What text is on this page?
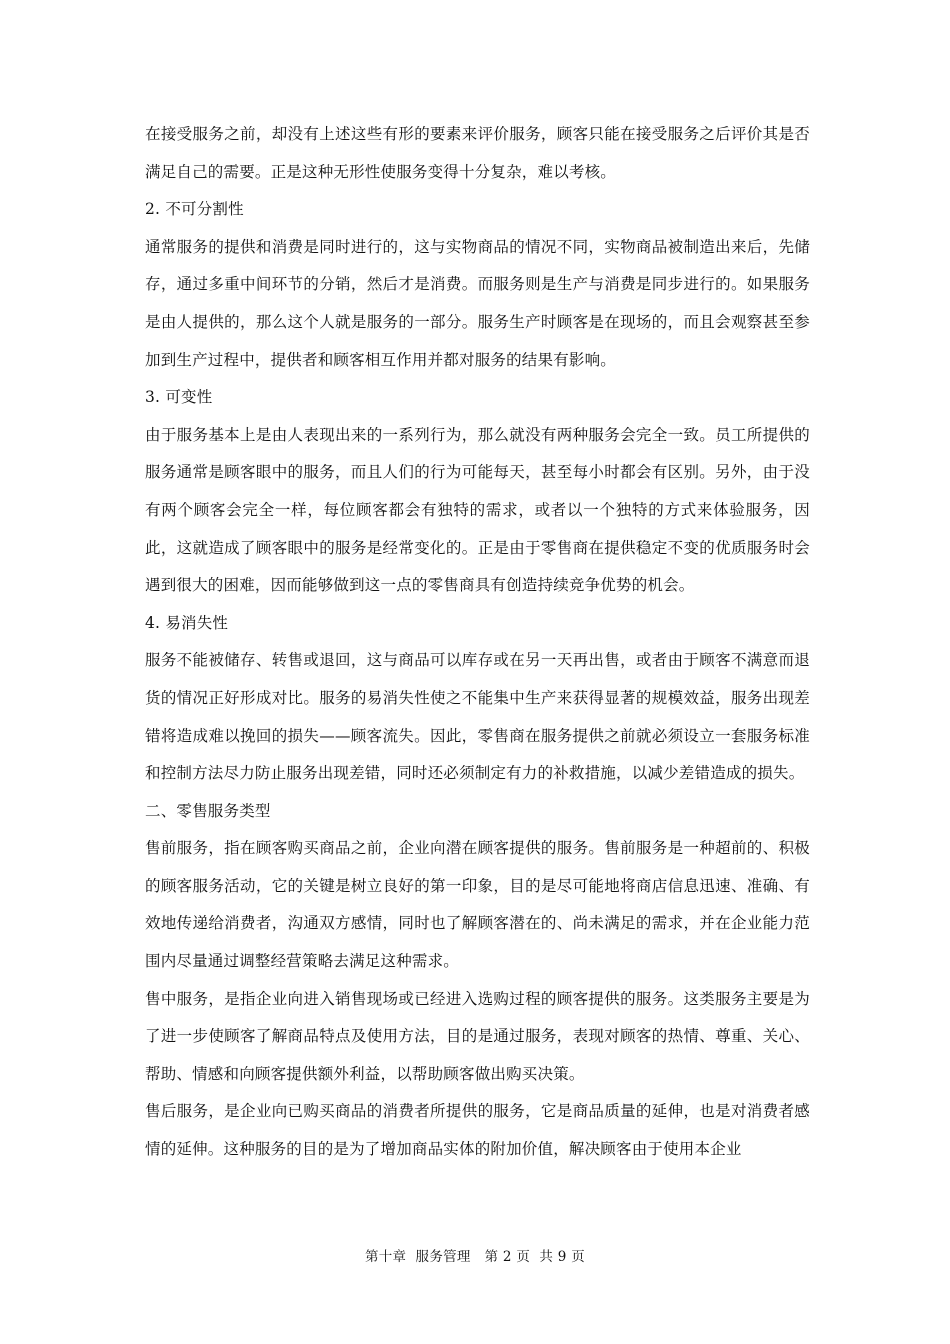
在接受服务之前，却没有上述这些有形的要素来评价服务，顾客只能在接受服务之后评价其是否满足自己的需要。正是这种无形性使服务变得十分复杂，难以考核。

2. 不可分割性

通常服务的提供和消费是同时进行的，这与实物商品的情况不同，实物商品被制造出来后，先储存，通过多重中间环节的分销，然后才是消费。而服务则是生产与消费是同步进行的。如果服务是由人提供的，那么这个人就是服务的一部分。服务生产时顾客是在现场的，而且会观察甚至参加到生产过程中，提供者和顾客相互作用并都对服务的结果有影响。

3. 可变性

由于服务基本上是由人表现出来的一系列行为，那么就没有两种服务会完全一致。员工所提供的服务通常是顾客眼中的服务，而且人们的行为可能每天，甚至每小时都会有区别。另外，由于没有两个顾客会完全一样，每位顾客都会有独特的需求，或者以一个独特的方式来体验服务，因此，这就造成了顾客眼中的服务是经常变化的。正是由于零售商在提供稳定不变的优质服务时会遇到很大的困难，因而能够做到这一点的零售商具有创造持续竞争优势的机会。

4. 易消失性

服务不能被储存、转售或退回，这与商品可以库存或在另一天再出售，或者由于顾客不满意而退货的情况正好形成对比。服务的易消失性使之不能集中生产来获得显著的规模效益，服务出现差错将造成难以挽回的损失——顾客流失。因此，零售商在服务提供之前就必须设立一套服务标准和控制方法尽力防止服务出现差错，同时还必须制定有力的补救措施，以减少差错造成的损失。

二、零售服务类型

售前服务，指在顾客购买商品之前，企业向潜在顾客提供的服务。售前服务是一种超前的、积极的顾客服务活动，它的关键是树立良好的第一印象，目的是尽可能地将商店信息迅速、准确、有效地传递给消费者，沟通双方感情，同时也了解顾客潜在的、尚未满足的需求，并在企业能力范围内尽量通过调整经营策略去满足这种需求。

售中服务，是指企业向进入销售现场或已经进入选购过程的顾客提供的服务。这类服务主要是为了进一步使顾客了解商品特点及使用方法，目的是通过服务，表现对顾客的热情、尊重、关心、帮助、情感和向顾客提供额外利益，以帮助顾客做出购买决策。

售后服务，是企业向已购买商品的消费者所提供的服务，它是商品质量的延伸，也是对消费者感情的延伸。这种服务的目的是为了增加商品实体的附加价值，解决顾客由于使用本企业

第十章  服务管理 第 2 页  共 9 页
